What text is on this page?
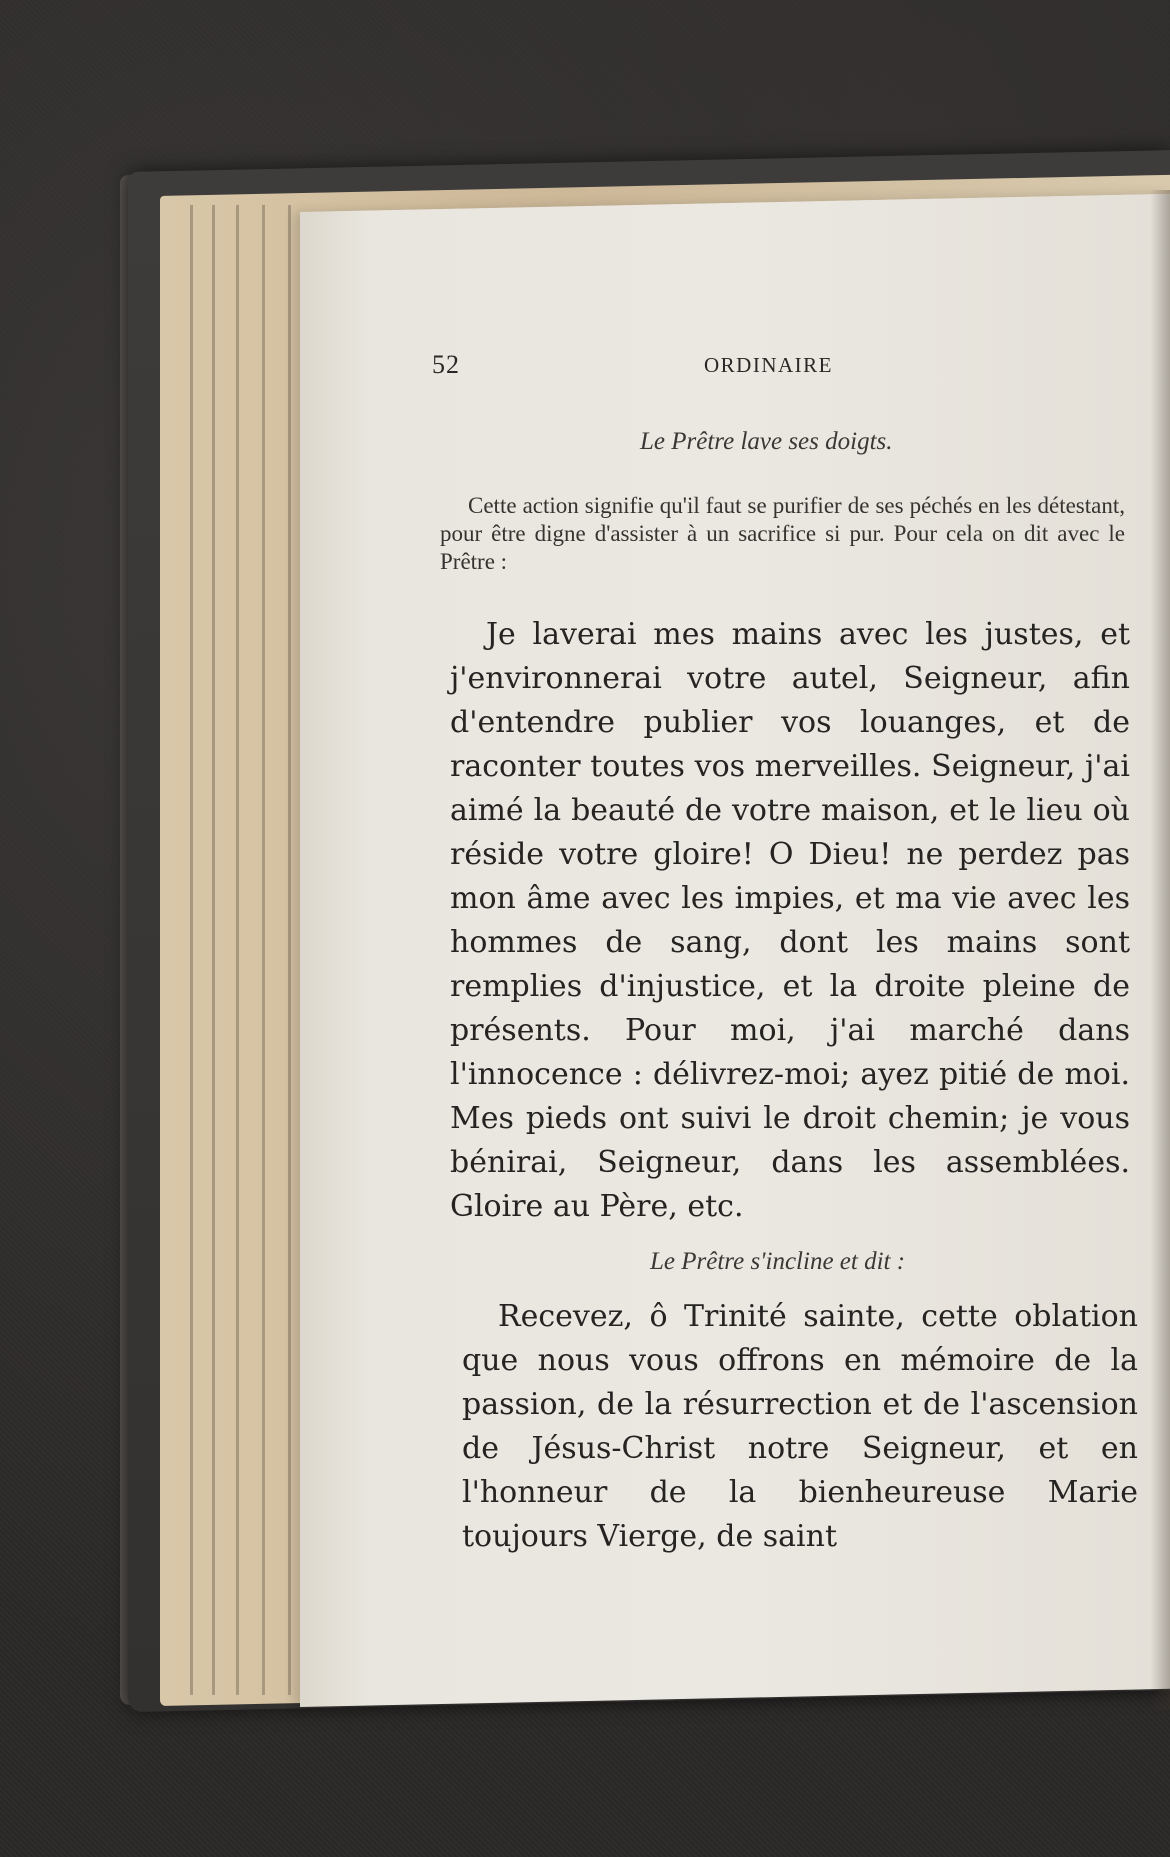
52	ORDINAIRE
Le Prêtre lave ses doigts.
Cette action signifie qu'il faut se purifier de ses péchés en les détestant, pour être digne d'assister à un sacrifice si pur. Pour cela on dit avec le Prêtre :
Je laverai mes mains avec les justes, et j'environnerai votre autel, Seigneur, afin d'entendre publier vos louanges, et de raconter toutes vos merveilles. Seigneur, j'ai aimé la beauté de votre maison, et le lieu où réside votre gloire! O Dieu! ne perdez pas mon âme avec les impies, et ma vie avec les hommes de sang, dont les mains sont remplies d'injustice, et la droite pleine de présents. Pour moi, j'ai marché dans l'innocence : délivrez-moi; ayez pitié de moi. Mes pieds ont suivi le droit chemin; je vous bénirai, Seigneur, dans les assemblées. Gloire au Père, etc.
Le Prêtre s'incline et dit :
Recevez, ô Trinité sainte, cette oblation que nous vous offrons en mémoire de la passion, de la résurrection et de l'ascension de Jésus-Christ notre Seigneur, et en l'honneur de la bienheureuse Marie toujours Vierge, de saint
